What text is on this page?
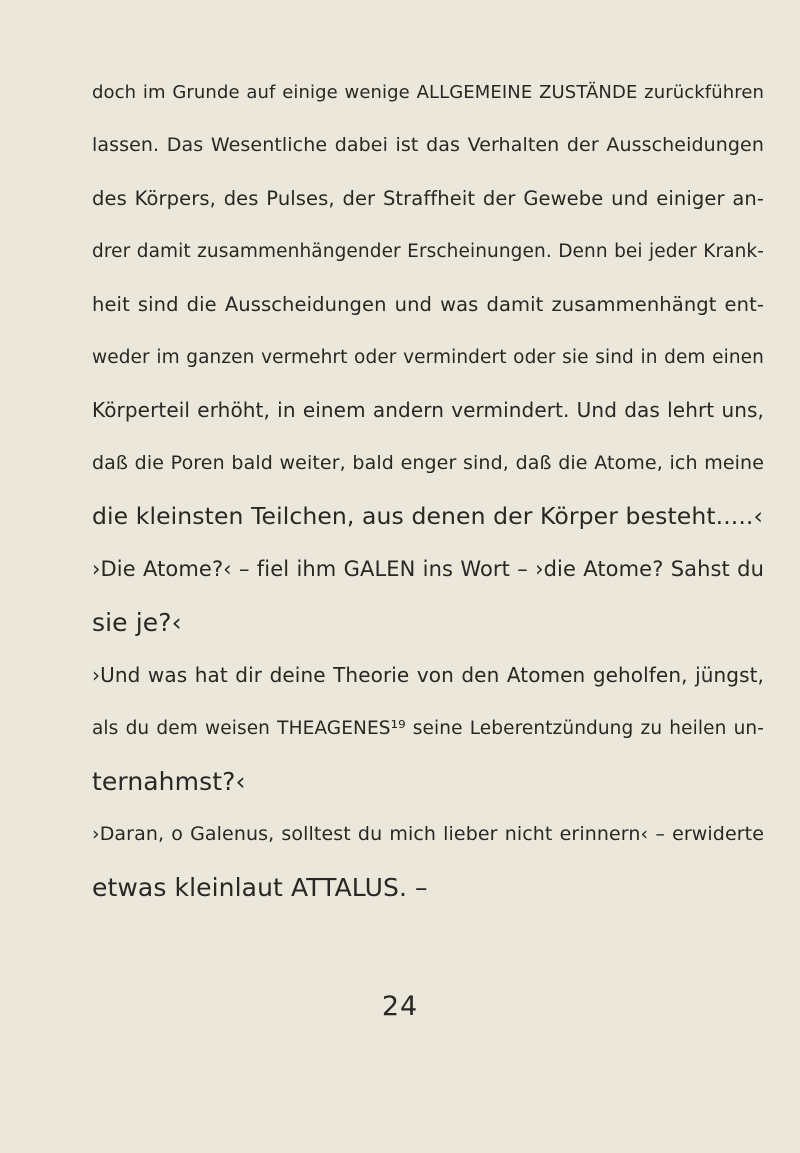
doch im Grunde auf einige wenige ALLGEMEINE ZUSTÄNDE zurückführen
lassen. Das Wesentliche dabei ist das Verhalten der Ausscheidungen
des Körpers, des Pulses, der Straffheit der Gewebe und einiger an-
drer damit zusammenhängender Erscheinungen. Denn bei jeder Krank-
heit sind die Ausscheidungen und was damit zusammenhängt ent-
weder im ganzen vermehrt oder vermindert oder sie sind in dem einen
Körperteil erhöht, in einem andern vermindert. Und das lehrt uns,
daß die Poren bald weiter, bald enger sind, daß die Atome, ich meine
die kleinsten Teilchen, aus denen der Körper besteht.....‹
›Die Atome?‹ – fiel ihm GALEN ins Wort – ›die Atome? Sahst du
sie je?‹
›Und was hat dir deine Theorie von den Atomen geholfen, jüngst,
als du dem weisen THEAGENES¹⁹ seine Leberentzündung zu heilen un-
ternahmst?‹
›Daran, o Galenus, solltest du mich lieber nicht erinnern‹ – erwiderte
etwas kleinlaut ATTALUS. –
24
